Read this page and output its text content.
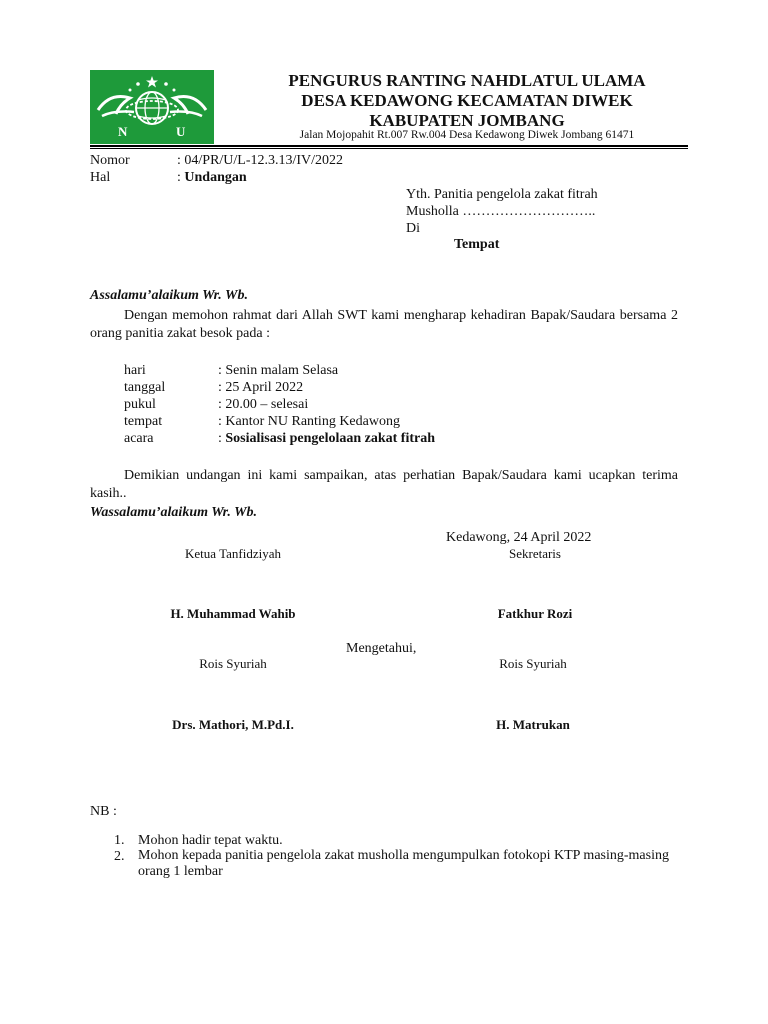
N	U
PENGURUS RANTING NAHDLATUL ULAMA
DESA KEDAWONG KECAMATAN DIWEK
KABUPATEN JOMBANG
Jalan Mojopahit Rt.007 Rw.004 Desa Kedawong Diwek Jombang 61471
Nomor	: 04/PR/U/L-12.3.13/IV/2022
Hal	: Undangan
Yth. Panitia pengelola zakat fitrah
Musholla ………………………..
Di
Tempat
Assalamu’alaikum Wr. Wb.
Dengan memohon rahmat dari Allah SWT kami mengharap kehadiran Bapak/Saudara bersama 2 orang panitia zakat besok pada :
hari	: Senin malam Selasa
tanggal	: 25 April 2022
pukul	: 20.00 – selesai
tempat	: Kantor NU Ranting Kedawong
acara	: Sosialisasi pengelolaan zakat fitrah
Demikian undangan ini kami sampaikan, atas perhatian Bapak/Saudara kami ucapkan terima kasih..
Wassalamu’alaikum Wr. Wb.
Kedawong, 24 April 2022
Ketua Tanfidziyah	Sekretaris
H. Muhammad Wahib	Fatkhur Rozi
Mengetahui,
Rois Syuriah	Rois Syuriah
Drs. Mathori, M.Pd.I.	H. Matrukan
NB :
1. Mohon hadir tepat waktu.
2. Mohon kepada panitia pengelola zakat musholla mengumpulkan fotokopi KTP masing-masing orang 1 lembar
